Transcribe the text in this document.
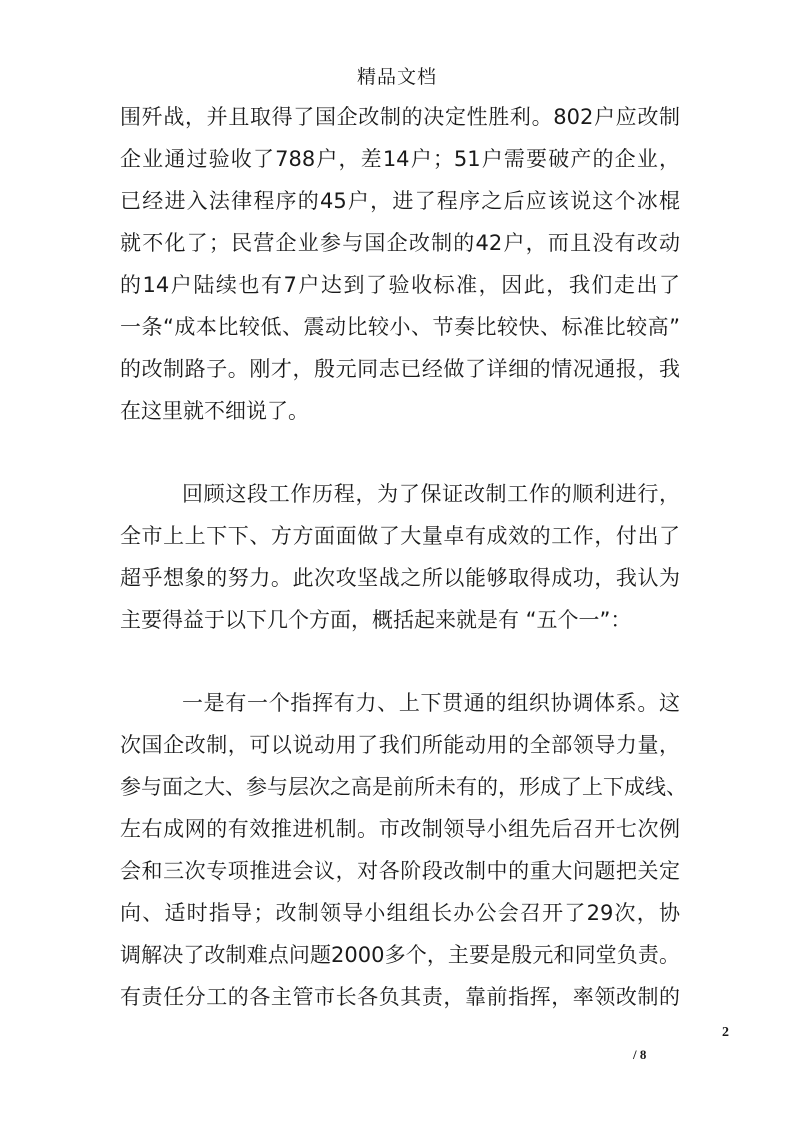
精品文档
围歼战，并且取得了国企改制的决定性胜利。802户应改制
企业通过验收了788户，差14户；51户需要破产的企业，
已经进入法律程序的45户，进了程序之后应该说这个冰棍
就不化了；民营企业参与国企改制的42户，而且没有改动
的14户陆续也有7户达到了验收标准，因此，我们走出了
一条“成本比较低、震动比较小、节奏比较快、标准比较高”
的改制路子。刚才，殷元同志已经做了详细的情况通报，我
在这里就不细说了。
回顾这段工作历程，为了保证改制工作的顺利进行，
全市上上下下、方方面面做了大量卓有成效的工作，付出了
超乎想象的努力。此次攻坚战之所以能够取得成功，我认为
主要得益于以下几个方面，概括起来就是有 “五个一”：
一是有一个指挥有力、上下贯通的组织协调体系。这
次国企改制，可以说动用了我们所能动用的全部领导力量，
参与面之大、参与层次之高是前所未有的，形成了上下成线、
左右成网的有效推进机制。市改制领导小组先后召开七次例
会和三次专项推进会议，对各阶段改制中的重大问题把关定
向、适时指导；改制领导小组组长办公会召开了29次，协
调解决了改制难点问题2000多个，主要是殷元和同堂负责。
有责任分工的各主管市长各负其责，靠前指挥，率领改制的
2
/ 8
